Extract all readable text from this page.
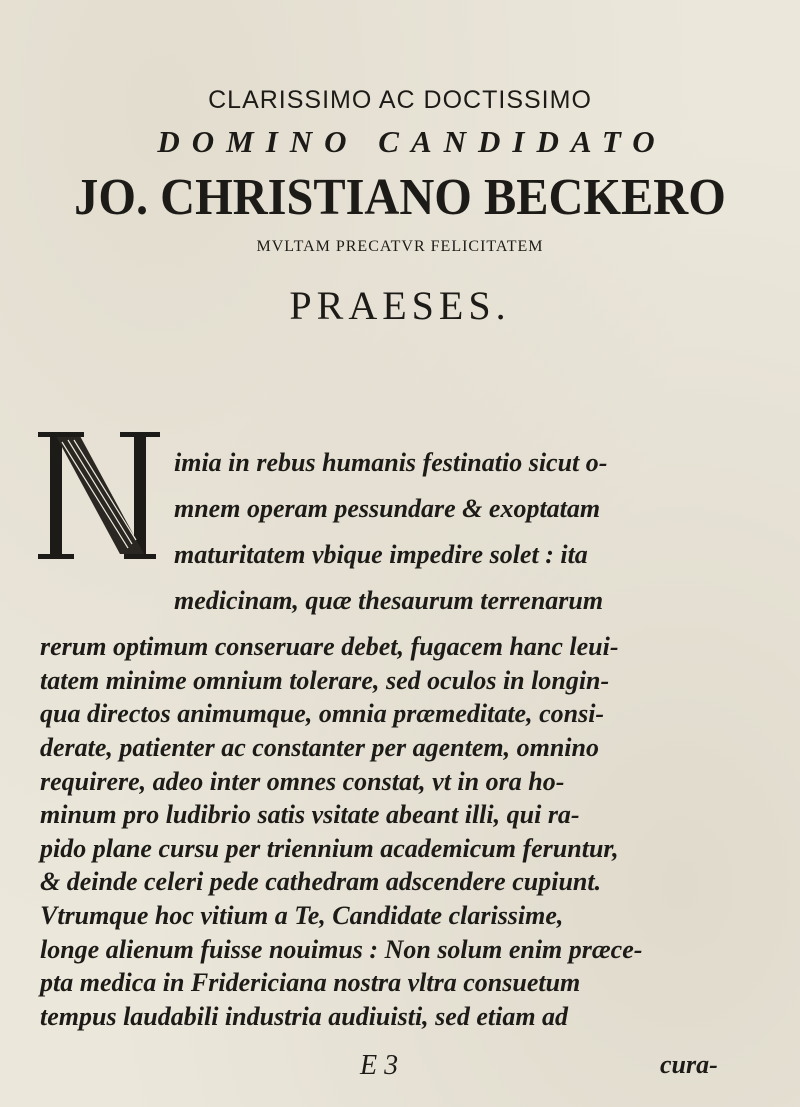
CLARISSIMO AC DOCTISSIMO
DOMINO CANDIDATO
JO. CHRISTIANO BECKERO
MVLTAM PRECATVR FELICITATEM
PRAESES.
N
imia in rebus humanis festinatio sicut o-
mnem operam pessundare & exoptatam
maturitatem vbique impedire solet : ita
medicinam, quæ thesaurum terrenarum
rerum optimum conseruare debet, fugacem hanc leui-
tatem minime omnium tolerare, sed oculos in longin-
qua directos animumque, omnia præmeditate, consi-
derate, patienter ac constanter per agentem, omnino
requirere, adeo inter omnes constat, vt in ora ho-
minum pro ludibrio satis vsitate abeant illi, qui ra-
pido plane cursu per triennium academicum feruntur,
& deinde celeri pede cathedram adscendere cupiunt.
Vtrumque hoc vitium a Te, Candidate clarissime,
longe alienum fuisse nouimus : Non solum enim præce-
E 3	cura-
pta medica in Fridericiana nostra vltra consuetum
tempus laudabili industria audiuisti, sed etiam ad
